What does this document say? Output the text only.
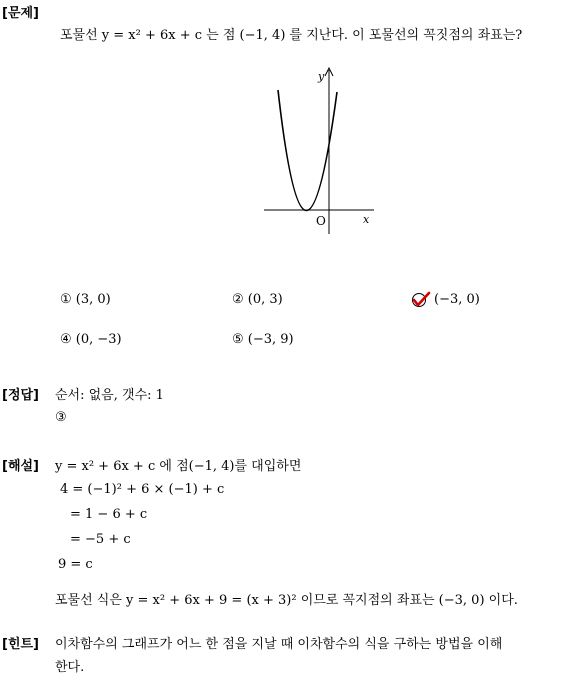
[문제]
포물선 y = x² + 6x + c 는 점 (−1, 4) 를 지난다. 이 포물선의 꼭짓점의 좌표는?
y
O	x
① (3, 0)	② (0, 3)	(−3, 0)
④ (0, −3)	⑤ (−3, 9)
[정답] 순서: 없음, 갯수: 1
③
[해설] y = x² + 6x + c 에 점(−1, 4)를 대입하면
4 = (−1)² + 6 × (−1) + c
= 1 − 6 + c
= −5 + c
9 = c
포물선 식은 y = x² + 6x + 9 = (x + 3)² 이므로 꼭지점의 좌표는 (−3, 0) 이다.
[힌트] 이차함수의 그래프가 어느 한 점을 지날 때 이차함수의 식을 구하는 방법을 이해
한다.
